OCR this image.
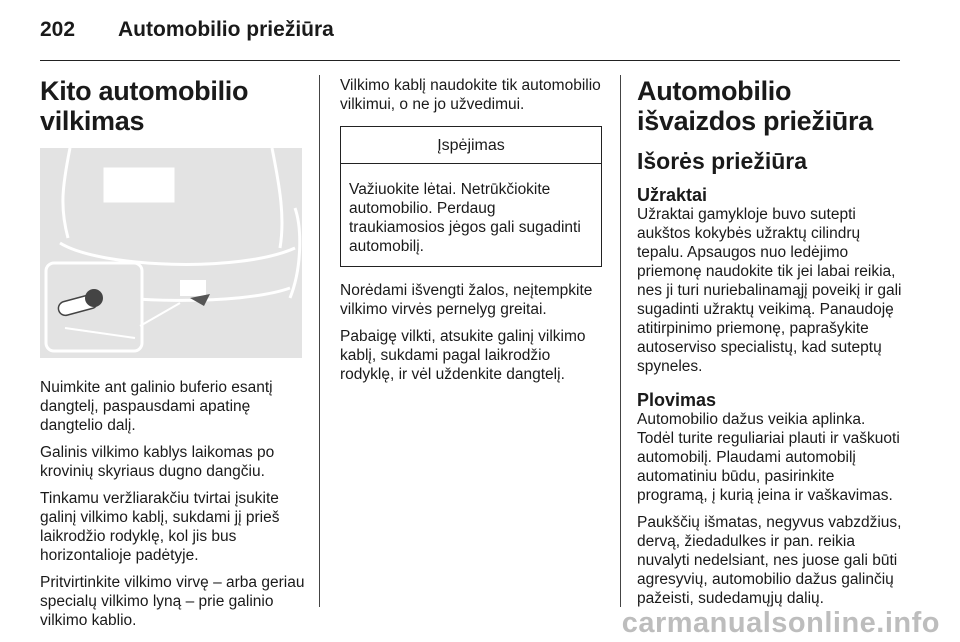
202	Automobilio priežiūra
Kito automobilio vilkimas

Nuimkite ant galinio buferio esantį dangtelį, paspausdami apatinę dangtelio dalį.

Galinis vilkimo kablys laikomas po krovinių skyriaus dugno dangčiu.

Tinkamu veržliarakčiu tvirtai įsukite galinį vilkimo kablį, sukdami jį prieš laikrodžio rodyklę, kol jis bus horizontalioje padėtyje.

Pritvirtinkite vilkimo virvę – arba geriau specialų vilkimo lyną – prie galinio vilkimo kablio.

Vilkimo kablį naudokite tik automobilio vilkimui, o ne jo užvedimui.

Įspėjimas
Važiuokite lėtai. Netrūkčiokite automobilio. Perdaug traukiamosios jėgos gali sugadinti automobilį.

Norėdami išvengti žalos, neįtempkite vilkimo virvės pernelyg greitai.

Pabaigę vilkti, atsukite galinį vilkimo kablį, sukdami pagal laikrodžio rodyklę, ir vėl uždenkite dangtelį.

Automobilio išvaizdos priežiūra
Išorės priežiūra
Užraktai

Užraktai gamykloje buvo sutepti aukštos kokybės užraktų cilindrų tepalu. Apsaugos nuo ledėjimo priemonę naudokite tik jei labai reikia, nes ji turi nuriebalinamąjį poveikį ir gali sugadinti užraktų veikimą. Panaudoję atitirpinimo priemonę, paprašykite autoserviso specialistų, kad suteptų spyneles.

Plovimas

Automobilio dažus veikia aplinka. Todėl turite reguliariai plauti ir vaškuoti automobilį. Plaudami automobilį automatiniu būdu, pasirinkite programą, į kurią įeina ir vaškavimas.

Paukščių išmatas, negyvus vabzdžius, dervą, žiedadulkes ir pan. reikia nuvalyti nedelsiant, nes juose gali būti agresyvių, automobilio dažus galinčių pažeisti, sudedamųjų dalių.

carmanualsonline.info
